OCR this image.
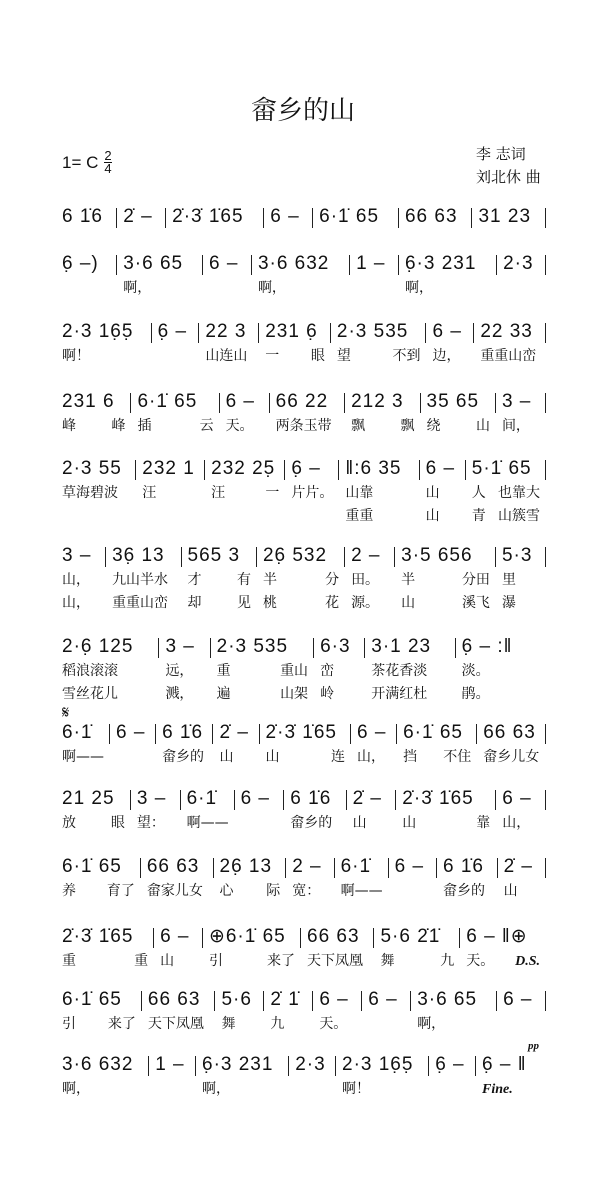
畲乡的山
1= C $\frac{2}{4}$	李 志词
刘北休 曲
𝄋
pp
6 1̇6	2̇ –	2̇·3̇ 1̇65	6 –	6·1̇ 65	66 63	31 23
6̣ –)	3·6 65
啊，
6 –	3·6 632
啊，
1 –	6̣·3 231
啊，
2·3
2·3 16̣5̣
啊！
6̣ – 22 3
山连山
231 6̣
一 眼
2·3 535
望	不到
6 –
边，
22 33
重重山峦
231 6
峰	峰
6·1̇ 65
插	云
6 –
天。
66 22
两条玉带
212 3
飘	飘
35 65
绕	山
3 –
间，
2·3 55
草海碧波
232 1
汪
232 25̣
汪	一
6̣ –
片 片。
‖:6 35
山靠
重重
6 –
山
山
5·1̇ 65
人 也靠大
青 山簇雪
3 –
山，
山，
36̣ 13
九山半水
重重山峦
565 3
才	有
却	见
26̣ 532
半	分
桃	花
2 –
田。
源。
3·5 656
半	分田
山	溪飞
5·3
里
瀑
2·6̣ 125
稻浪滚滚
雪丝花儿
3 –
远，
溅，
2·3 535
重	重山
遍	山架
6·3
峦
岭
3·1 23
茶花香淡
开满红杜
6̣ – :‖
淡。
鹃。
6·1̇
啊——
6 – 6 1̇6
畲乡的
2̇ –
山
2̇·3̇ 1̇65
山	连
6 –
山，
6·1̇ 65
挡 不住
66 63
畲乡儿女
21 25
放 眼
3 –
望：
6·1̇
啊——
6 –	6 1̇6
畲乡的
2̇ –
山
2̇·3̇ 1̇65
山	靠
6 –
山，
6·1̇ 65
养 育了
66 63
畲家儿女
26̣ 13
心 际
2 –
宽：
6·1̇
啊——
6 – 6 1̇6
畲乡的
2̇ –
山
2̇·3̇ 1̇65
重	重
6 –
山
⊕6·1̇ 65
引	来了
66 63
天下凤凰
5·6 2̇1̇
舞	九
6 – ‖⊕
天。 D.S.
6·1̇ 65
引 来了
66 63
天下凤凰
5·6
舞
2̇ 1̇
九
6 –
天。
6 –	3·6 65
啊，
6 –
3·6 632
啊，
1 – 6̣·3 231
啊，
2·3 2·3 16̣5̣
啊！
6̣ – 6̣ – ‖
Fine.
